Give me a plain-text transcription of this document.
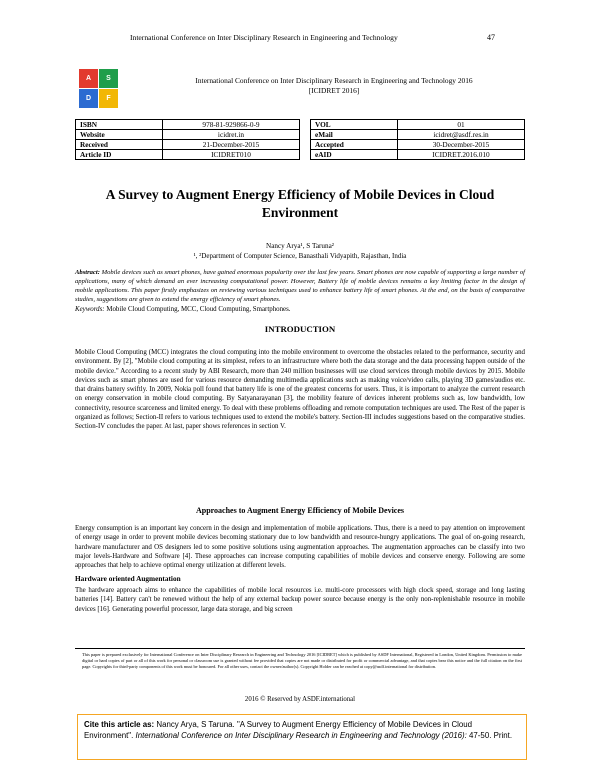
International Conference on Inter Disciplinary Research in Engineering and Technology	47
A	S
D	F
International Conference on Inter Disciplinary Research in Engineering and Technology 2016
[ICIDRET 2016]
ISBN	978-81-929866-0-9
Website	icidret.in
Received	21-December-2015
Article ID	ICIDRET010
VOL	01
eMail	icidret@asdf.res.in
Accepted	30-December-2015
eAID	ICIDRET.2016.010
A Survey to Augment Energy Efficiency of Mobile Devices in Cloud Environment
Nancy Arya¹, S Taruna²
¹, ²Department of Computer Science, Banasthali Vidyapith, Rajasthan, India
Abstract: Mobile devices such as smart phones, have gained enormous popularity over the last few years. Smart phones are now capable of supporting a large number of applications, many of which demand an ever increasing computational power. However, Battery life of mobile devices remains a key limiting factor in the design of mobile applications. This paper firstly emphasizes on reviewing various techniques used to enhance battery life of smart phones. At the end, on the basis of comparative studies, suggestions are given to extend the energy efficiency of smart phones.
Keywords: Mobile Cloud Computing, MCC, Cloud Computing, Smartphones.
INTRODUCTION
Mobile Cloud Computing (MCC) integrates the cloud computing into the mobile environment to overcome the obstacles related to the performance, security and environment. By [2], "Mobile cloud computing at its simplest, refers to an infrastructure where both the data storage and the data processing happen outside of the mobile device." According to a recent study by ABI Research, more than 240 million businesses will use cloud services through mobile devices by 2015. Mobile devices such as smart phones are used for various resource demanding multimedia applications such as making voice/video calls, playing 3D games/audios etc. that drains battery swiftly. In 2009, Nokia poll found that battery life is one of the greatest concerns for users. Thus, it is important to analyze the current research on energy conservation in mobile cloud computing. By Satyanarayanan [3], the mobility feature of devices inherent problems such as, low bandwidth, low connectivity, resource scarceness and limited energy. To deal with these problems offloading and remote computation techniques are used. The Rest of the paper is organized as follows; Section-II refers to various techniques used to extend the mobile's battery. Section-III includes suggestions based on the comparative studies. Section-IV concludes the paper. At last, paper shows references in section V.
Approaches to Augment Energy Efficiency of Mobile Devices
Energy consumption is an important key concern in the design and implementation of mobile applications. Thus, there is a need to pay attention on improvement of energy usage in order to prevent mobile devices becoming stationary due to low bandwidth and resource-hungry applications. The goal of on-going research, hardware manufacturer and OS designers led to some positive solutions using augmentation approaches. The augmentation approaches can be classify into two major levels-Hardware and Software [4]. These approaches can increase computing capabilities of mobile devices and conserve energy. Following are some approaches that help to achieve optimal energy utilization at different levels.
Hardware oriented Augmentation
The hardware approach aims to enhance the capabilities of mobile local resources i.e. multi-core processors with high clock speed, storage and long lasting batteries [14]. Battery can't be renewed without the help of any external backup power source because energy is the only non-replenishable resource in mobile devices [16]. Generating powerful processor, large data storage, and big screen
This paper is prepared exclusively for International Conference on Inter Disciplinary Research in Engineering and Technology 2016 [ICIDRET] which is published by ASDF International, Registered in London, United Kingdom. Permission to make digital or hard copies of part or all of this work for personal or classroom use is granted without fee provided that copies are not made or distributed for profit or commercial advantage, and that copies bear this notice and the full citation on the first page. Copyrights for third-party components of this work must be honoured. For all other uses, contact the owner/author(s). Copyright Holder can be reached at copy@asdf.international for distribution.
2016 © Reserved by ASDF.international
Cite this article as: Nancy Arya, S Taruna. "A Survey to Augment Energy Efficiency of Mobile Devices in Cloud Environment". International Conference on Inter Disciplinary Research in Engineering and Technology (2016): 47-50. Print.
